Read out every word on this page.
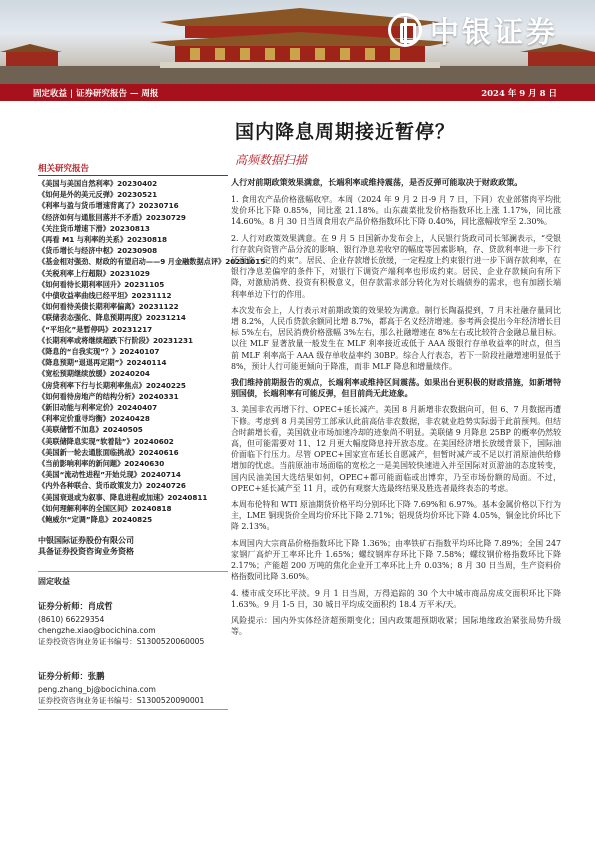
中银证券
固定收益 | 证券研究报告 — 周报	2024 年 9 月 8 日
国内降息周期接近暂停？
高频数据扫描
相关研究报告
《美国与美国自然利率》20230402
《如何是外的美元反弹》20230521
《利率与盈与货币增速背离了》20230716
《经济如何与通胀回落并不矛盾》20230729
《关注货币增速下滑》20230813
《再看 M1 与利率的关系》20230818
《货币增长与经济中枢》20230908
《基金相对强劲、财政的有望启动——9 月金融数据点评》20231015
《关税利率上行超限》20231029
《如何看待长期利率回升》20231105
《中债收益率曲线已经平坦》20231112
《如何看待美债长期利率偏离》20231122
《联储表态强化、降息预期再度》20231214
《“平坦化”是暂停吗》20231217
《长期利率或将继续超跌下行阶段》20231231
《降息的“自我实现”？》20240107
《降息预期“退退再定期”》20240114
《宽松预期继续放缓》20240204
《房贷利率下行与长期利率焦点》20240225
《如何看待房地产的结构分析》20240331
《新旧动能与利率定价》20240407
《利率定价重寻均衡》20240428
《美联储暂不加息》20240505
《美联储降息实现“软着陆”》20240602
《美国新一轮去通胀面临挑战》20240616
《当前影响利率的新问题》20240630
《美国“流动性进程”开始兑现》20240714
《内外各种联合、货币政策发力》20240726
《美国衰退或为叙事、降息进程或加速》20240811
《如何理解利率的全国区间》20240818
《鲍威尔“定调”降息》20240825
中银国际证券股份有限公司
具备证券投资咨询业务资格
固定收益
证券分析师：肖成哲
(8610) 66229354
chengzhe.xiao@bocichina.com
证券投资咨询业务证书编号：S1300520060005
证券分析师：张鹏
peng.zhang_bj@bocichina.com
证券投资咨询业务证书编号：S1300520090001
人行对前期政策效果满意，长端利率或维持震荡，是否反弹可能取决于财政政策。
1. 食用农产品价格涨幅收窄。本周（2024 年 9 月 2 日-9 月 7 日，下同）农业部猪肉平均批发价环比下降 0.85%，同比涨 21.18%。山东蔬菜批发价格指数环比上涨 1.17%，同比涨 14.60%。8 月 30 日当周食用农产品价格指数环比下降 0.40%，同比涨幅收窄至 2.30%。
2. 人行对政策效果满意。在 9 月 5 日国新办发布会上，人民银行货政司司长邹澜表示，“受银行存款向资管产品分流的影响、银行净息差收窄的幅度等因素影响，存、贷款利率进一步下行还面临一定的约束”。居民、企业存款增长放缓，一定程度上约束银行进一步下调存款利率，在银行净息差偏窄的条件下，对银行下调资产端利率也形成约束。居民、企业存款倾向有所下降，对激励消费、投资有积极意义，但存款需求部分转化为对长端债券的需求，也有加剧长端利率单边下行的作用。
本次发布会上，人行表示对前期政策的效果较为满意。制行长陶磊提到，7 月末社融存量同比增 8.2%，人民币贷款余额同比增 8.7%，都高于名义经济增速。参考两会提出今年经济增长目标 5%左右，居民消费价格涨幅 3%左右，那么社融增速在 8%左右或比较符合金融总量目标。以往 MLF 显著放量一般发生在 MLF 利率接近或低于 AAA 级银行存单收益率的时点，但当前 MLF 利率高于 AAA 级存单收益率约 30BP。综合人行表态，若下一阶段社融增速明显低于 8%，预计人行可能更倾向于降准，而非 MLF 降息和增量续作。
我们维持前期报告的观点，长端利率或维持区间震荡。如果出台更积极的财政措施，如新增特别国债，长端利率有可能反弹，但目前尚无此迹象。
3. 美国非农再增下行、OPEC+延长减产。美国 8 月新增非农数据向可，但 6、7 月数据再遭下修。考虑到 8 月美国劳工部承认此前高估非农数据，非农就业趋势实际弱于此前预判。但结合时薪增长看，美国就业市场加速冷却的迹象尚不明显。美联储 9 月降息 25BP 的概率仍然较高，但可能需要对 11、12 月更大幅度降息持开放态度。在美国经济增长放缓背景下，国际油价面临下行压力。尽管 OPEC+国家宣布延长自愿减产，但暂时减产或不足以打消原油供给修增加的忧虑。当前原油市场面临的宽松之一是美国较快速进入并至国际对页游油的态度转变，国内民油美国大选结果如何，OPEC+都可能面临或出博弈，乃至市场份额的局面。不过，OPEC+延长减产至 11 月，或仍有观察大选最终结果及胜选者最终表态的考虑。
本周布伦特和 WTI 原油期货价格平均分别环比下降 7.69%和 6.97%。基本金属价格以下行为主，LME 铜现货价全周均价环比下降 2.71%；铝现货均价环比下降 4.05%，铜金比价环比下降 2.13%。
本周国内大宗商品价格指数环比下降 1.36%；由率铁矿石指数平均环比降 7.89%；全国 247 家钢厂高炉开工率环比升 1.65%；螺纹钢库存环比下降 7.58%；螺纹钢价格指数环比下降 2.17%；产能超 200 万吨的焦化企业开工率环比上升 0.03%；8 月 30 日当周，生产资料价格指数同比降 3.60%。
4. 楼市成交环比平淡。9 月 1 日当周，万得追踪的 30 个大中城市商品房成交面积环比下降 1.63%。9 月 1-5 日，30 城日平均成交面积约 18.4 万平米/天。
风险提示：国内外实体经济超预期变化；国内政策超预期收紧；国际地缘政治紧张局势升级等。
